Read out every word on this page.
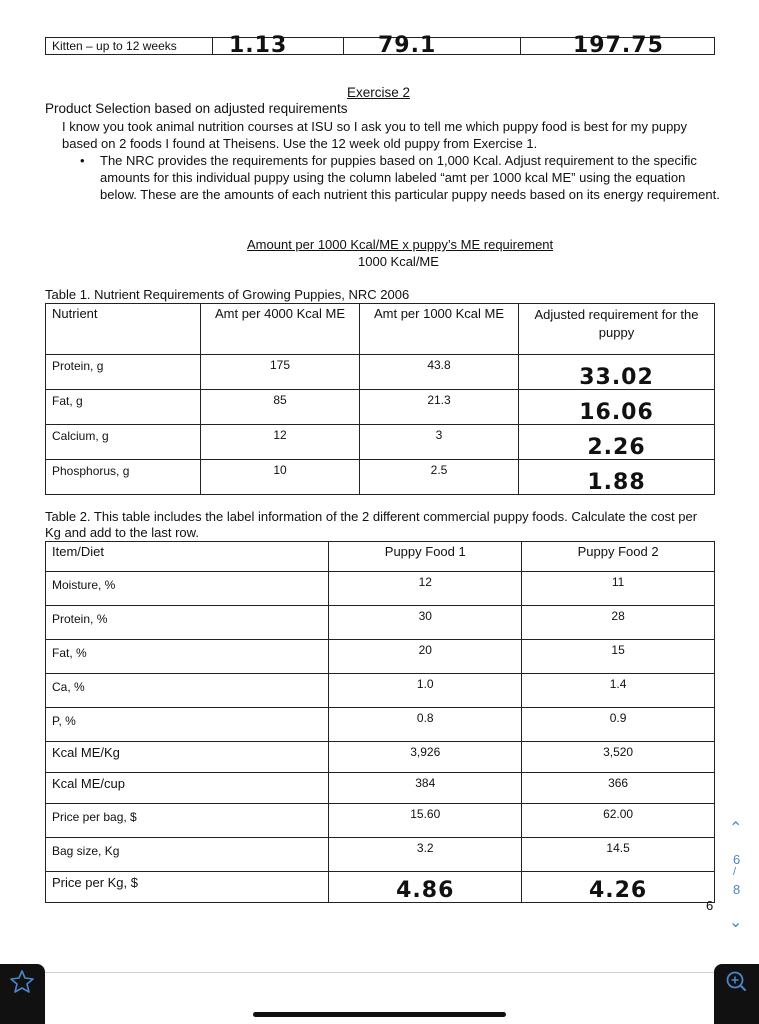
Kitten – up to 12 weeks	1.13	79.1	197.75
Exercise 2
Product Selection based on adjusted requirements
I know you took animal nutrition courses at ISU so I ask you to tell me which puppy food is best for my puppy based on 2 foods I found at Theisens. Use the 12 week old puppy from Exercise 1.
• The NRC provides the requirements for puppies based on 1,000 Kcal. Adjust requirement to the specific amounts for this individual puppy using the column labeled “amt per 1000 kcal ME” using the equation below. These are the amounts of each nutrient this particular puppy needs based on its energy requirement.
Amount per 1000 Kcal/ME x puppy’s ME requirement
1000 Kcal/ME
Table 1. Nutrient Requirements of Growing Puppies, NRC 2006
Nutrient	Amt per 4000 Kcal ME	Amt per 1000 Kcal ME	Adjusted requirement for the puppy
Protein, g	175	43.8	33.02
Fat, g	85	21.3	16.06
Calcium, g	12	3	2.26
Phosphorus, g	10	2.5	1.88
Table 2. This table includes the label information of the 2 different commercial puppy foods. Calculate the cost per Kg and add to the last row.
Item/Diet	Puppy Food 1	Puppy Food 2
Moisture, %	12	11
Protein, %	30	28
Fat, %	20	15
Ca, %	1.0	1.4
P, %	0.8	0.9
Kcal ME/Kg	3,926	3,520
Kcal ME/cup	384	366
Price per bag, $	15.60	62.00
Bag size, Kg	3.2	14.5
Price per Kg, $	4.86	4.26
6
⌃
6
/
8
⌄
